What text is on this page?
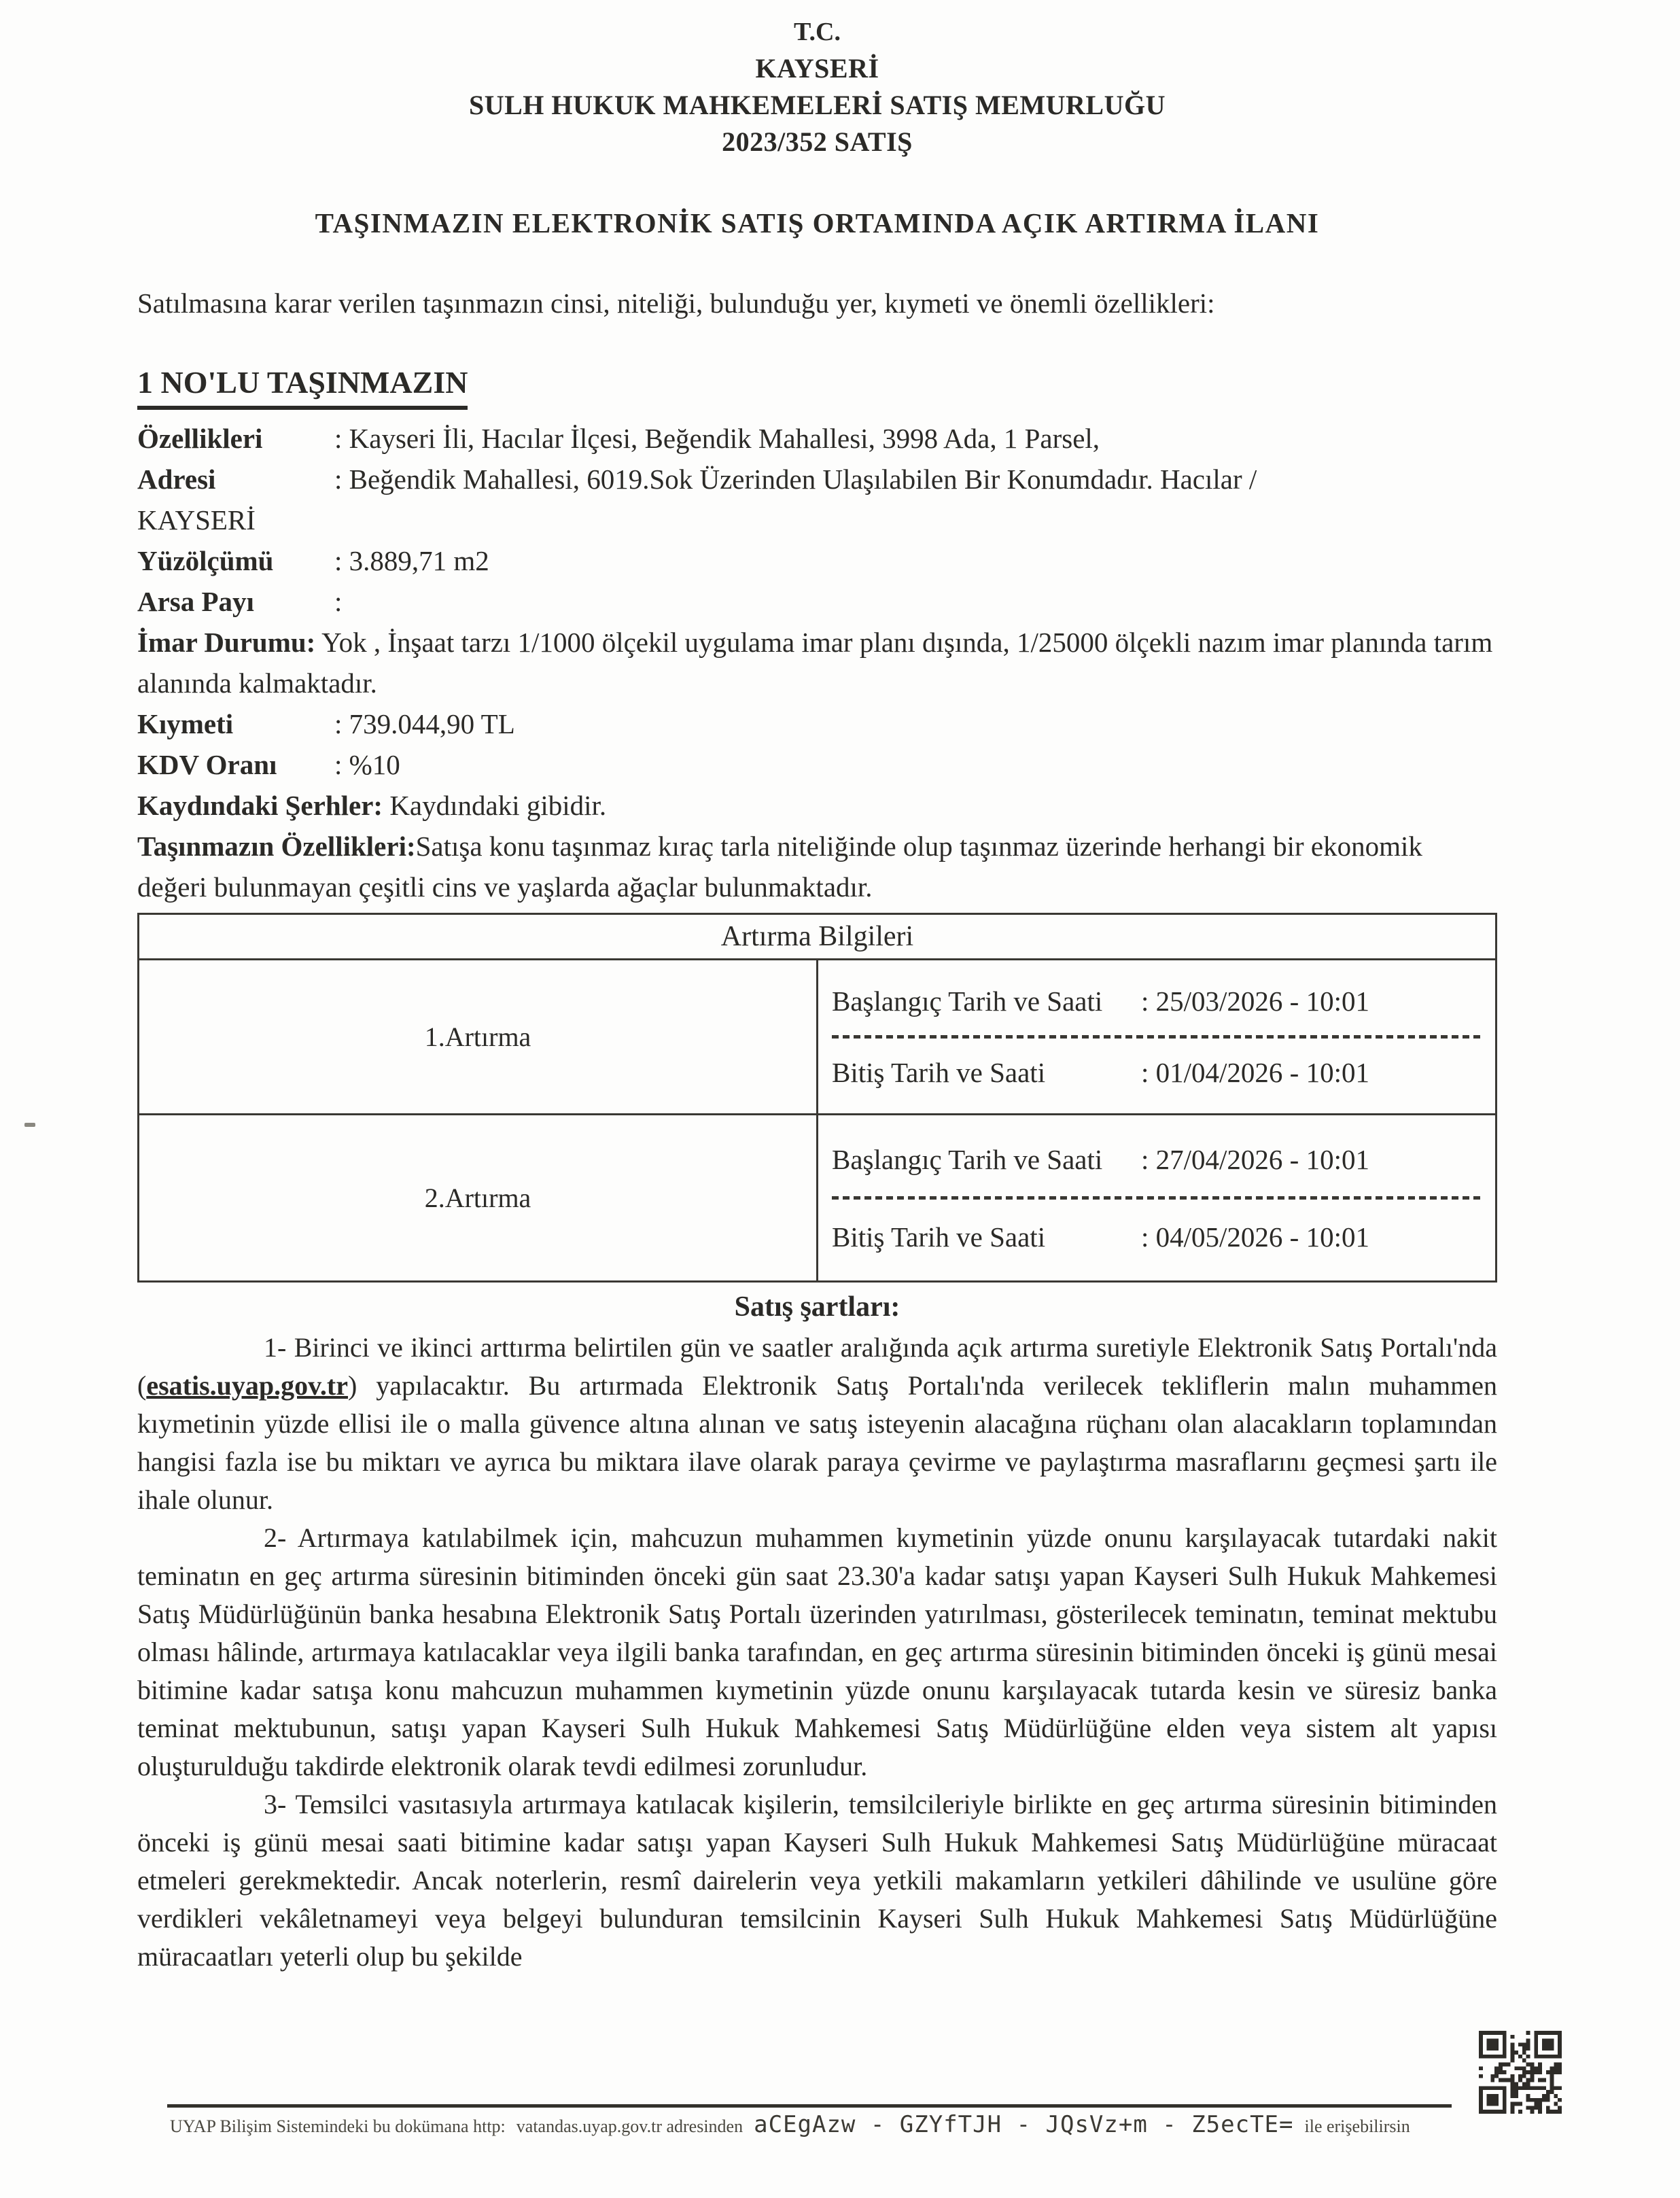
T.C.
KAYSERİ
SULH HUKUK MAHKEMELERİ SATIŞ MEMURLUĞU
2023/352 SATIŞ
TAŞINMAZIN ELEKTRONİK SATIŞ ORTAMINDA AÇIK ARTIRMA İLANI
Satılmasına karar verilen taşınmazın cinsi, niteliği, bulunduğu yer, kıymeti ve önemli özellikleri:
1 NO'LU TAŞINMAZIN
Özellikleri	: Kayseri İli, Hacılar İlçesi, Beğendik Mahallesi, 3998 Ada, 1 Parsel,
Adresi	: Beğendik Mahallesi, 6019.Sok Üzerinden Ulaşılabilen Bir Konumdadır. Hacılar /
KAYSERİ
Yüzölçümü : 3.889,71 m2
Arsa Payı	:
İmar Durumu: Yok , İnşaat tarzı 1/1000 ölçekil uygulama imar planı dışında, 1/25000 ölçekli nazım imar planında tarım alanında kalmaktadır.
Kıymeti	: 739.044,90 TL
KDV Oranı : %10
Kaydındaki Şerhler: Kaydındaki gibidir.
Taşınmazın Özellikleri:Satışa konu taşınmaz kıraç tarla niteliğinde olup taşınmaz üzerinde herhangi bir ekonomik değeri bulunmayan çeşitli cins ve yaşlarda ağaçlar bulunmaktadır.
Artırma Bilgileri	
1.Artırma	Başlangıç Tarih ve Saati : 25/03/2026 - 10:01
Bitiş Tarih ve Saati : 01/04/2026 - 10:01

2.Artırma	Başlangıç Tarih ve Saati : 27/04/2026 - 10:01
Bitiş Tarih ve Saati : 04/05/2026 - 10:01
Satış şartları:

1- Birinci ve ikinci arttırma belirtilen gün ve saatler aralığında açık artırma suretiyle Elektronik Satış Portalı'nda (esatis.uyap.gov.tr) yapılacaktır. Bu artırmada Elektronik Satış Portalı'nda verilecek tekliflerin malın muhammen kıymetinin yüzde ellisi ile o malla güvence altına alınan ve satış isteyenin alacağına rüçhanı olan alacakların toplamından hangisi fazla ise bu miktarı ve ayrıca bu miktara ilave olarak paraya çevirme ve paylaştırma masraflarını geçmesi şartı ile ihale olunur.

2- Artırmaya katılabilmek için, mahcuzun muhammen kıymetinin yüzde onunu karşılayacak tutardaki nakit teminatın en geç artırma süresinin bitiminden önceki gün saat 23.30'a kadar satışı yapan Kayseri Sulh Hukuk Mahkemesi Satış Müdürlüğünün banka hesabına Elektronik Satış Portalı üzerinden yatırılması, gösterilecek teminatın, teminat mektubu olması hâlinde, artırmaya katılacaklar veya ilgili banka tarafından, en geç artırma süresinin bitiminden önceki iş günü mesai bitimine kadar satışa konu mahcuzun muhammen kıymetinin yüzde onunu karşılayacak tutarda kesin ve süresiz banka teminat mektubunun, satışı yapan Kayseri Sulh Hukuk Mahkemesi Satış Müdürlüğüne elden veya sistem alt yapısı oluşturulduğu takdirde elektronik olarak tevdi edilmesi zorunludur.

3- Temsilci vasıtasıyla artırmaya katılacak kişilerin, temsilcileriyle birlikte en geç artırma süresinin bitiminden önceki iş günü mesai saati bitimine kadar satışı yapan Kayseri Sulh Hukuk Mahkemesi Satış Müdürlüğüne müracaat etmeleri gerekmektedir. Ancak noterlerin, resmî dairelerin veya yetkili makamların yetkileri dâhilinde ve usulüne göre verdikleri vekâletnameyi veya belgeyi bulunduran temsilcinin Kayseri Sulh Hukuk Mahkemesi Satış Müdürlüğüne müracaatları yeterli olup bu şekilde

UYAP Bilişim Sistemindeki bu dokümana http: vatandas.uyap.gov.tr adresinden aCEgAzw - GZYfTJH - JQsVz+m - Z5ecTE= ile erişebilirsin
